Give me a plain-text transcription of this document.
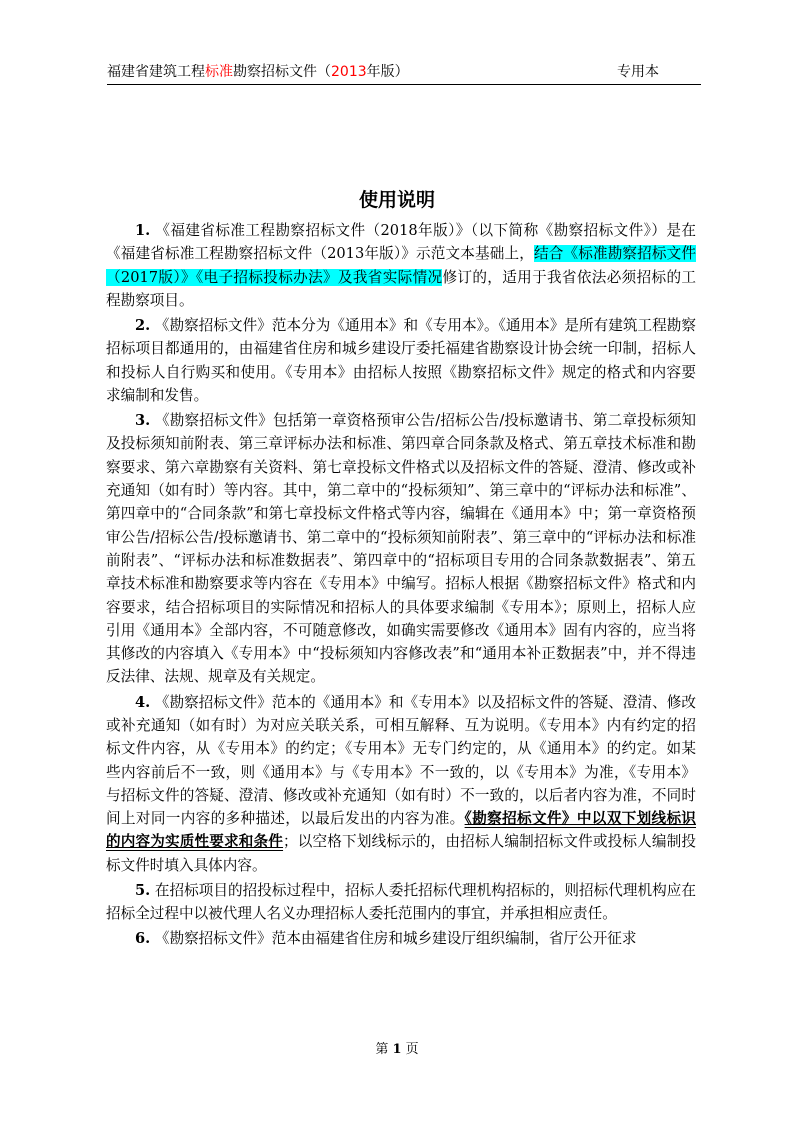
福建省建筑工程标准勘察招标文件（2013年版）	专用本
使用说明

1. 《福建省标准工程勘察招标文件（2018年版）》（以下简称《勘察招标文件》）是在《福建省标准工程勘察招标文件（2013年版）》示范文本基础上，结合《标准勘察招标文件（2017版）》《电子招标投标办法》及我省实际情况修订的，适用于我省依法必须招标的工程勘察项目。

2. 《勘察招标文件》范本分为《通用本》和《专用本》。《通用本》是所有建筑工程勘察招标项目都通用的，由福建省住房和城乡建设厅委托福建省勘察设计协会统一印制，招标人和投标人自行购买和使用。《专用本》由招标人按照《勘察招标文件》规定的格式和内容要求编制和发售。

3. 《勘察招标文件》包括第一章资格预审公告/招标公告/投标邀请书、第二章投标须知及投标须知前附表、第三章评标办法和标准、第四章合同条款及格式、第五章技术标准和勘察要求、第六章勘察有关资料、第七章投标文件格式以及招标文件的答疑、澄清、修改或补充通知（如有时）等内容。其中，第二章中的“投标须知”、第三章中的“评标办法和标准”、第四章中的“合同条款”和第七章投标文件格式等内容，编辑在《通用本》中；第一章资格预审公告/招标公告/投标邀请书、第二章中的“投标须知前附表”、第三章中的“评标办法和标准前附表”、“评标办法和标准数据表”、第四章中的“招标项目专用的合同条款数据表”、第五章技术标准和勘察要求等内容在《专用本》中编写。招标人根据《勘察招标文件》格式和内容要求，结合招标项目的实际情况和招标人的具体要求编制《专用本》；原则上，招标人应引用《通用本》全部内容，不可随意修改，如确实需要修改《通用本》固有内容的，应当将其修改的内容填入《专用本》中“投标须知内容修改表”和“通用本补正数据表”中，并不得违反法律、法规、规章及有关规定。

4. 《勘察招标文件》范本的《通用本》和《专用本》以及招标文件的答疑、澄清、修改或补充通知（如有时）为对应关联关系，可相互解释、互为说明。《专用本》内有约定的招标文件内容，从《专用本》的约定；《专用本》无专门约定的，从《通用本》的约定。如某些内容前后不一致，则《通用本》与《专用本》不一致的，以《专用本》为准，《专用本》与招标文件的答疑、澄清、修改或补充通知（如有时）不一致的，以后者内容为准，不同时间上对同一内容的多种描述，以最后发出的内容为准。《勘察招标文件》中以双下划线标识的内容为实质性要求和条件；以空格下划线标示的，由招标人编制招标文件或投标人编制投标文件时填入具体内容。

5. 在招标项目的招投标过程中，招标人委托招标代理机构招标的，则招标代理机构应在招标全过程中以被代理人名义办理招标人委托范围内的事宜，并承担相应责任。

6. 《勘察招标文件》范本由福建省住房和城乡建设厅组织编制，省厅公开征求

第 1 页
